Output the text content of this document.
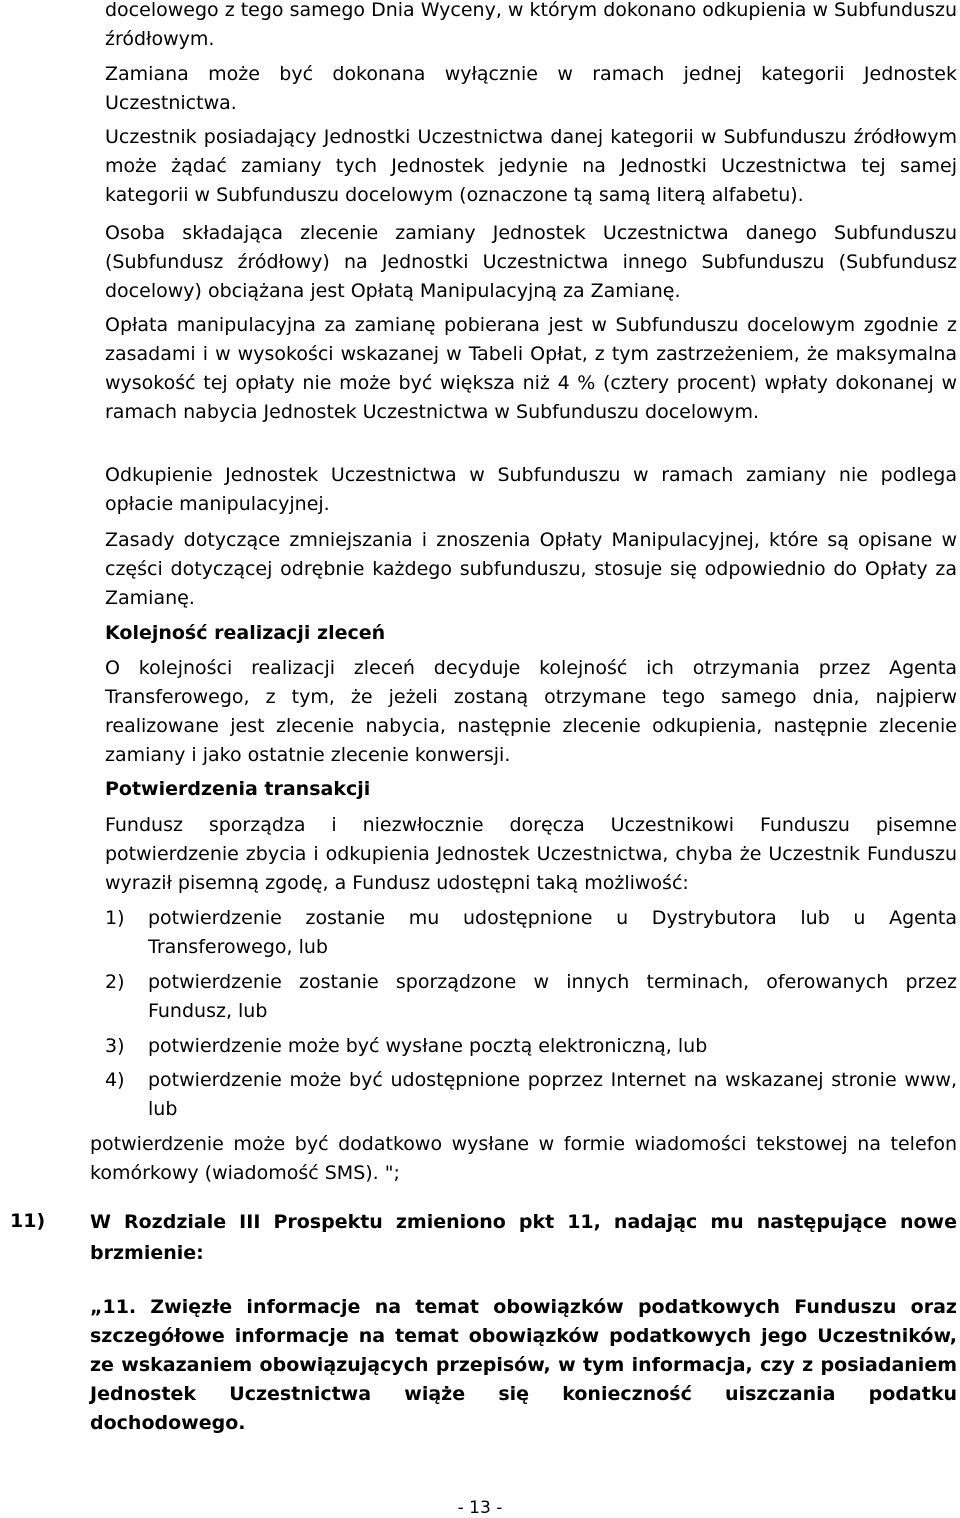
docelowego z tego samego Dnia Wyceny, w którym dokonano odkupienia w Subfunduszu źródłowym.
Zamiana może być dokonana wyłącznie w ramach jednej kategorii Jednostek Uczestnictwa.
Uczestnik posiadający Jednostki Uczestnictwa danej kategorii w Subfunduszu źródłowym może żądać zamiany tych Jednostek jedynie na Jednostki Uczestnictwa tej samej kategorii w Subfunduszu docelowym (oznaczone tą samą literą alfabetu).
Osoba składająca zlecenie zamiany Jednostek Uczestnictwa danego Subfunduszu (Subfundusz źródłowy) na Jednostki Uczestnictwa innego Subfunduszu (Subfundusz docelowy) obciążana jest Opłatą Manipulacyjną za Zamianę.
Opłata manipulacyjna za zamianę pobierana jest w Subfunduszu docelowym zgodnie z zasadami i w wysokości wskazanej w Tabeli Opłat, z tym zastrzeżeniem, że maksymalna wysokość tej opłaty nie może być większa niż 4 % (cztery procent) wpłaty dokonanej w ramach nabycia Jednostek Uczestnictwa w Subfunduszu docelowym.
Odkupienie Jednostek Uczestnictwa w Subfunduszu w ramach zamiany nie podlega opłacie manipulacyjnej.
Zasady dotyczące zmniejszania i znoszenia Opłaty Manipulacyjnej, które są opisane w części dotyczącej odrębnie każdego subfunduszu, stosuje się odpowiednio do Opłaty za Zamianę.
Kolejność realizacji zleceń
O kolejności realizacji zleceń decyduje kolejność ich otrzymania przez Agenta Transferowego, z tym, że jeżeli zostaną otrzymane tego samego dnia, najpierw realizowane jest zlecenie nabycia, następnie zlecenie odkupienia, następnie zlecenie zamiany i jako ostatnie zlecenie konwersji.
Potwierdzenia transakcji
Fundusz sporządza i niezwłocznie doręcza Uczestnikowi Funduszu pisemne potwierdzenie zbycia i odkupienia Jednostek Uczestnictwa, chyba że Uczestnik Funduszu wyraził pisemną zgodę, a Fundusz udostępni taką możliwość:
1) potwierdzenie zostanie mu udostępnione u Dystrybutora lub u Agenta Transferowego, lub
2) potwierdzenie zostanie sporządzone w innych terminach, oferowanych przez Fundusz, lub
3) potwierdzenie może być wysłane pocztą elektroniczną, lub
4) potwierdzenie może być udostępnione poprzez Internet na wskazanej stronie www, lub
potwierdzenie może być dodatkowo wysłane w formie wiadomości tekstowej na telefon komórkowy (wiadomość SMS). ";
11) W Rozdziale III Prospektu zmieniono pkt 11, nadając mu następujące nowe brzmienie:
„11. Zwięzłe informacje na temat obowiązków podatkowych Funduszu oraz szczegółowe informacje na temat obowiązków podatkowych jego Uczestników, ze wskazaniem obowiązujących przepisów, w tym informacja, czy z posiadaniem Jednostek Uczestnictwa wiąże się konieczność uiszczania podatku dochodowego.
- 13 -
